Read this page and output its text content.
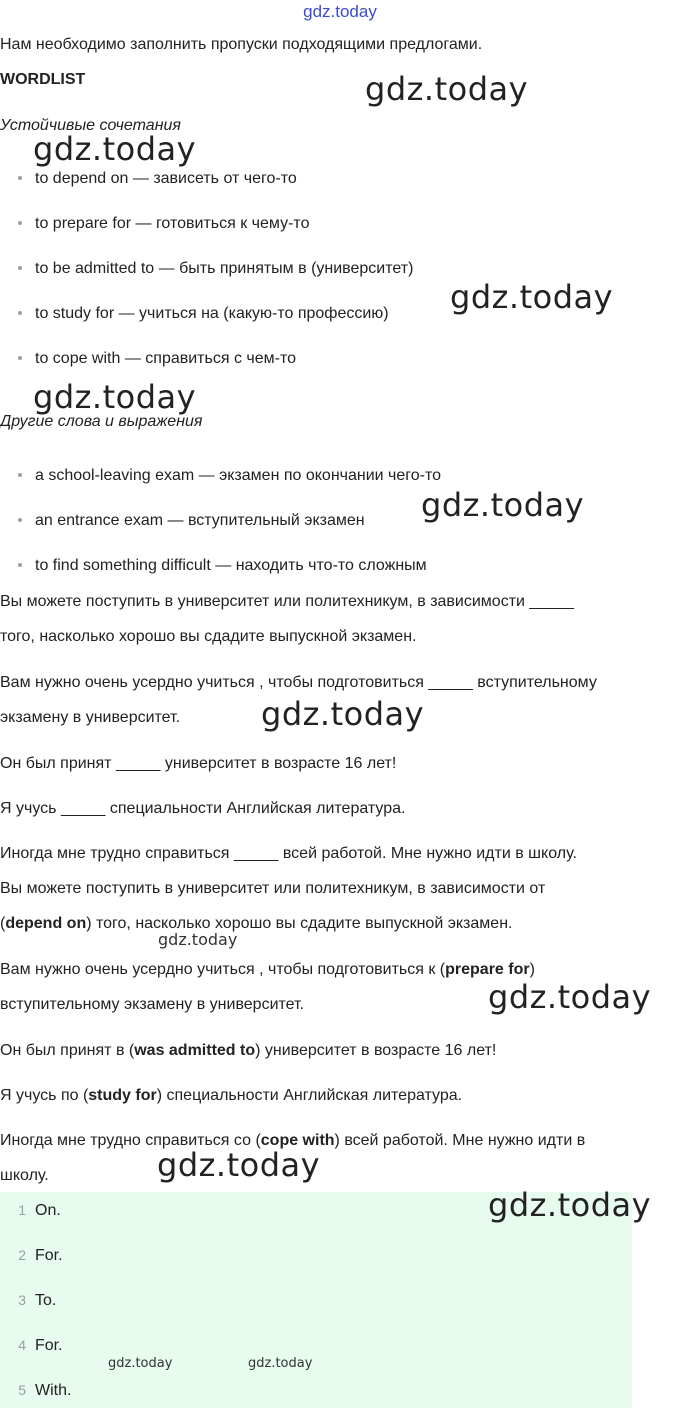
gdz.today
Нам необходимо заполнить пропуски подходящими предлогами.
WORDLIST
Устойчивые сочетания
to depend on — зависеть от чего-то
to prepare for — готовиться к чему-то
to be admitted to — быть принятым в (университет)
to study for — учиться на (какую-то профессию)
to cope with — справиться с чем-то
Другие слова и выражения
a school-leaving exam — экзамен по окончании чего-то
an entrance exam — вступительный экзамен
to find something difficult — находить что-то сложным
Вы можете поступить в университет или политехникум, в зависимости _____
того, насколько хорошо вы сдадите выпускной экзамен.
Вам нужно очень усердно учиться , чтобы подготовиться _____ вступительному
экзамену в университет.
Он был принят _____ университет в возрасте 16 лет!
Я учусь _____ специальности Английская литература.
Иногда мне трудно справиться _____ всей работой. Мне нужно идти в школу.
Вы можете поступить в университет или политехникум, в зависимости от
(depend on) того, насколько хорошо вы сдадите выпускной экзамен.
Вам нужно очень усердно учиться , чтобы подготовиться к (prepare for)
вступительному экзамену в университет.
Он был принят в (was admitted to) университет в возрасте 16 лет!
Я учусь по (study for) специальности Английская литература.
Иногда мне трудно справиться со (cope with) всей работой. Мне нужно идти в
школу.
1 On.
2 For.
3 To.
4 For.
5 With.
gdz.today
gdz.today
gdz.today
gdz.today
gdz.today
gdz.today
gdz.today
gdz.today
gdz.today
gdz.today
gdz.today	gdz.today
